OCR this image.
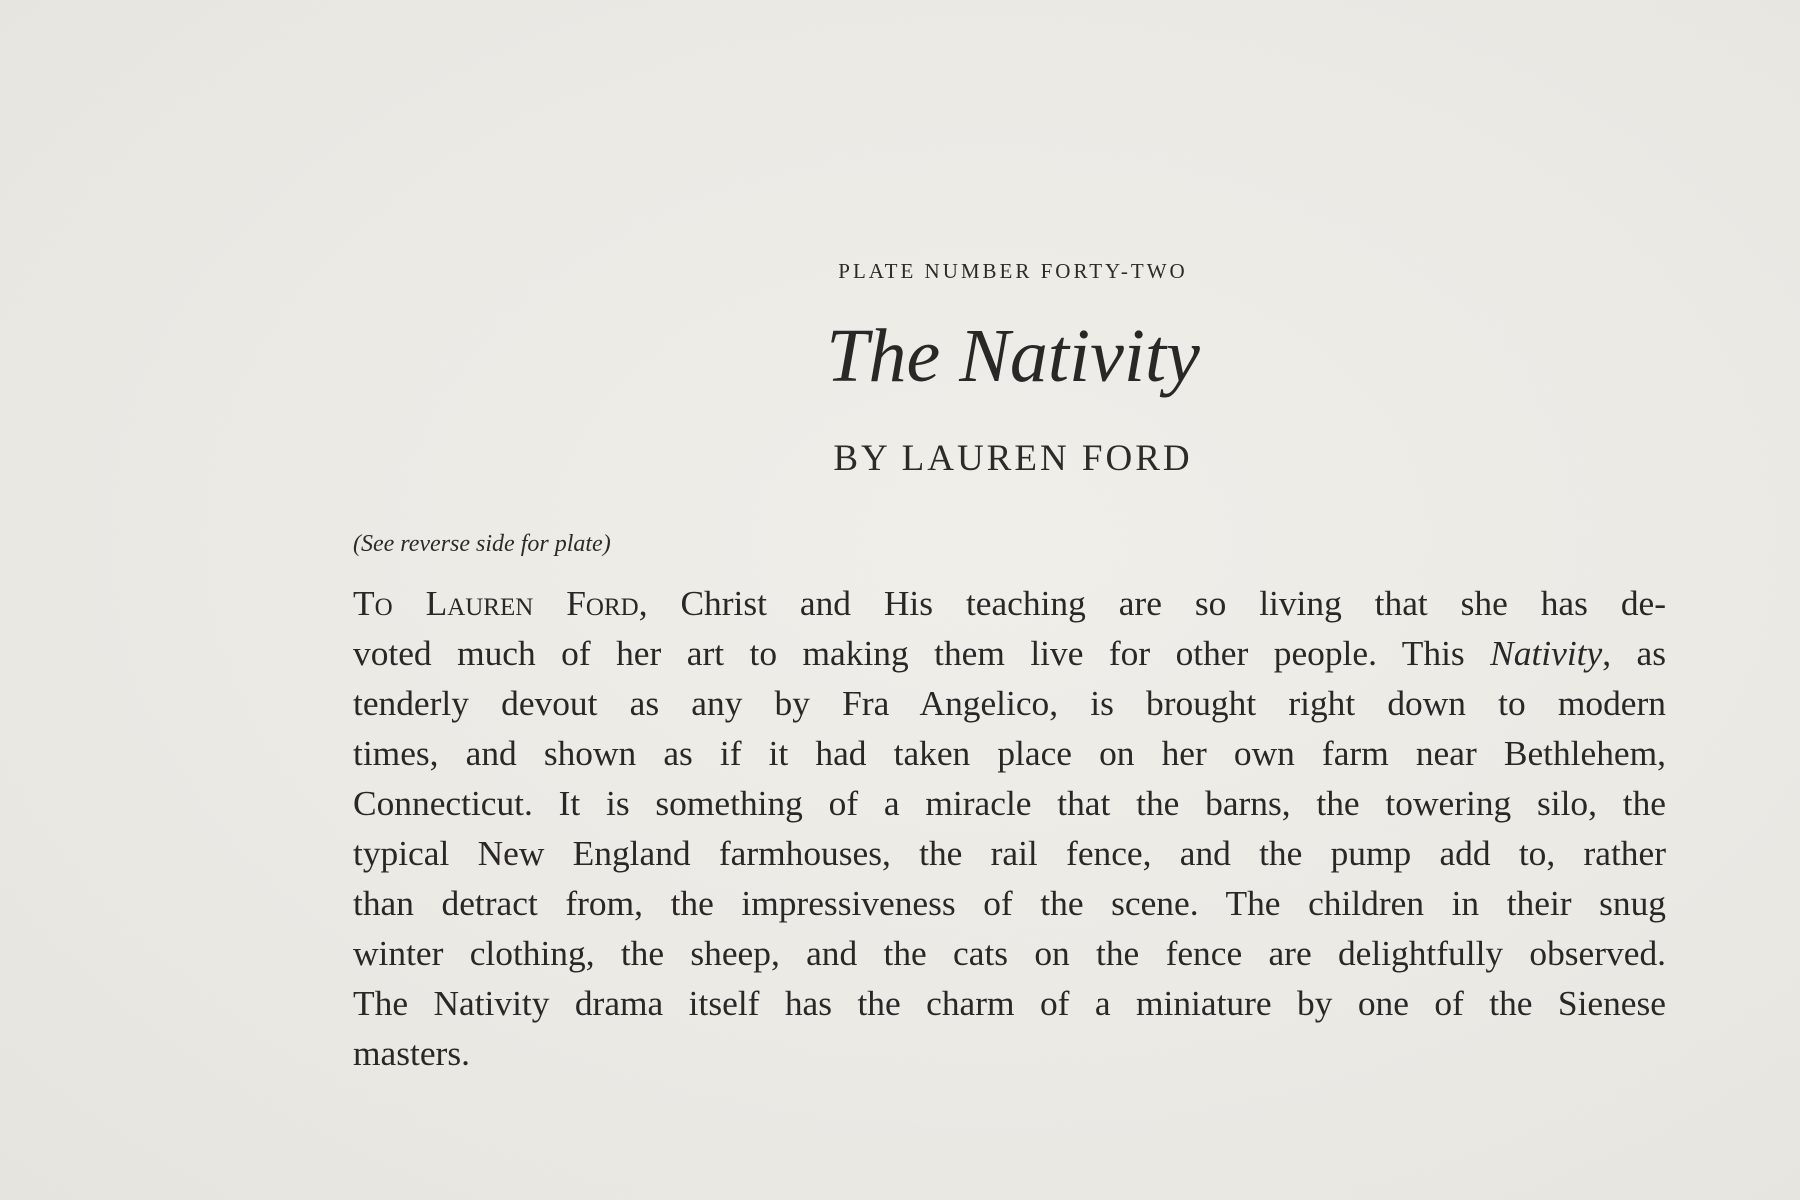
PLATE NUMBER FORTY-TWO
The Nativity
BY LAUREN FORD
(See reverse side for plate)

To Lauren Ford, Christ and His teaching are so living that she has de-

voted much of her art to making them live for other people. This Nativity, as

tenderly devout as any by Fra Angelico, is brought right down to modern

times, and shown as if it had taken place on her own farm near Bethlehem,

Connecticut. It is something of a miracle that the barns, the towering silo, the

typical New England farmhouses, the rail fence, and the pump add to, rather

than detract from, the impressiveness of the scene. The children in their snug

winter clothing, the sheep, and the cats on the fence are delightfully observed.

The Nativity drama itself has the charm of a miniature by one of the Sienese

masters.
